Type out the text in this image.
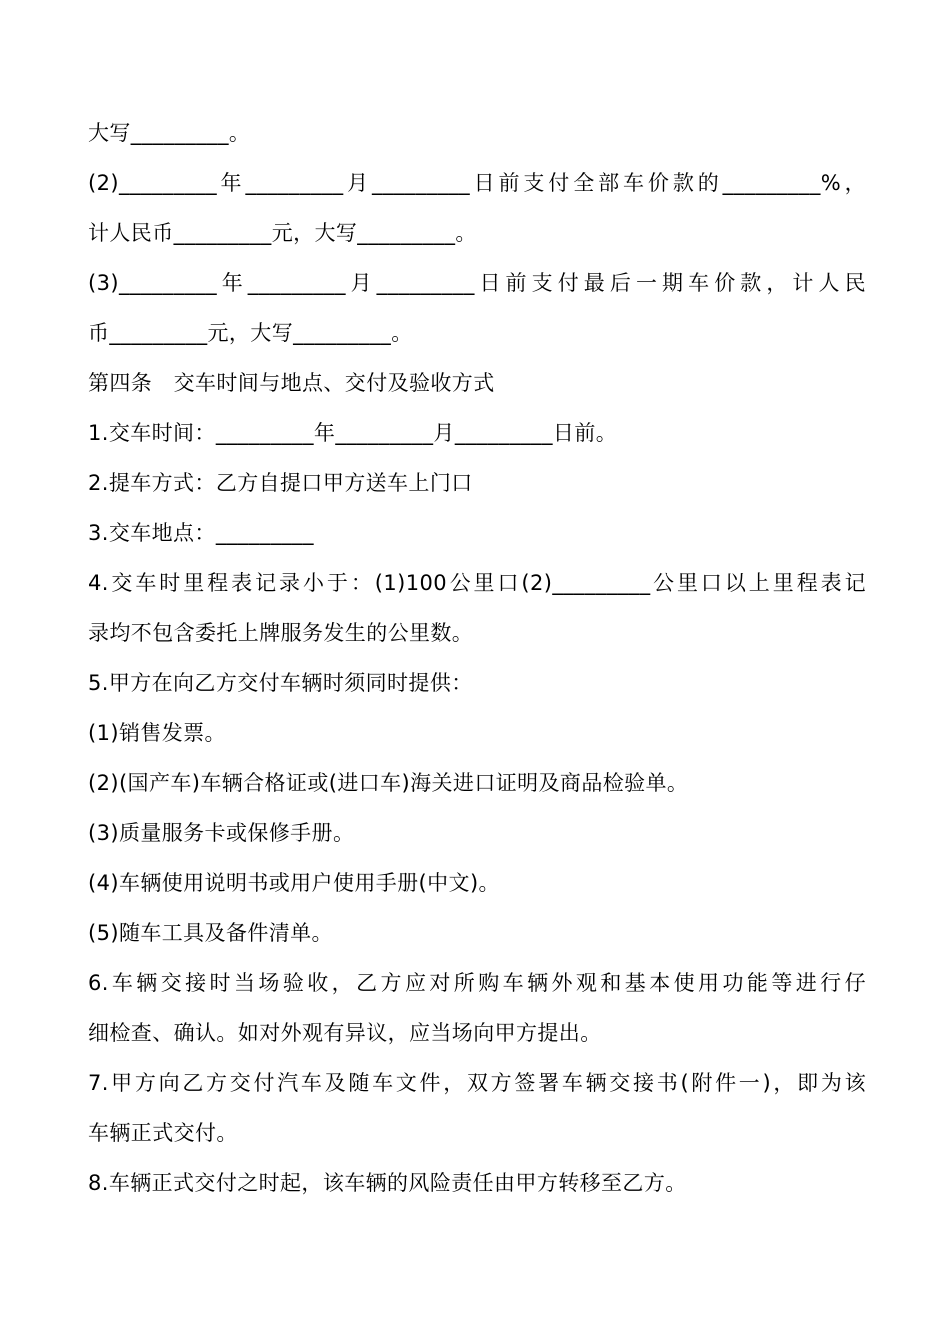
大写_________。
(2)_________年_________月_________日前支付全部车价款的_________%，
计人民币_________元，大写_________。
(3)_________年_________月_________日前支付最后一期车价款，计人民
币_________元，大写_________。
第四条　交车时间与地点、交付及验收方式
1.交车时间：_________年_________月_________日前。
2.提车方式：乙方自提口甲方送车上门口
3.交车地点：_________
4.交车时里程表记录小于：(1)100公里口(2)_________公里口以上里程表记
录均不包含委托上牌服务发生的公里数。
5.甲方在向乙方交付车辆时须同时提供：
(1)销售发票。
(2)(国产车)车辆合格证或(进口车)海关进口证明及商品检验单。
(3)质量服务卡或保修手册。
(4)车辆使用说明书或用户使用手册(中文)。
(5)随车工具及备件清单。
6.车辆交接时当场验收，乙方应对所购车辆外观和基本使用功能等进行仔
细检查、确认。如对外观有异议，应当场向甲方提出。
7.甲方向乙方交付汽车及随车文件，双方签署车辆交接书(附件一)，即为该
车辆正式交付。
8.车辆正式交付之时起，该车辆的风险责任由甲方转移至乙方。
